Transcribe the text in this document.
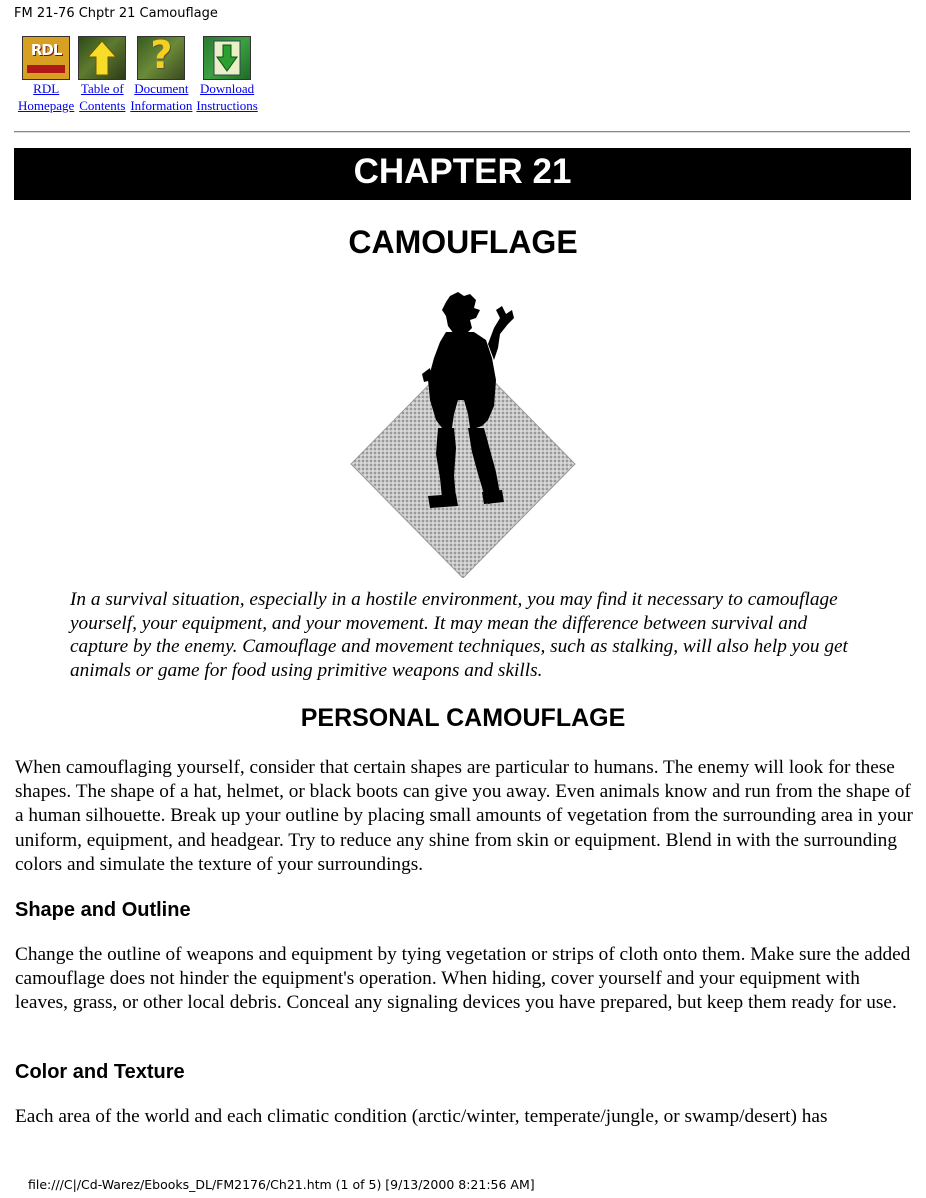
FM 21-76 Chptr 21 Camouflage
RDL
RDL
Homepage
Table of
Contents
?
Document
Information
Download
Instructions
CHAPTER 21
CAMOUFLAGE

In a survival situation, especially in a hostile environment, you may find it necessary to camouflage yourself, your equipment, and your movement. It may mean the difference between survival and capture by the enemy. Camouflage and movement techniques, such as stalking, will also help you get animals or game for food using primitive weapons and skills.

PERSONAL CAMOUFLAGE

When camouflaging yourself, consider that certain shapes are particular to humans. The enemy will look for these shapes. The shape of a hat, helmet, or black boots can give you away. Even animals know and run from the shape of a human silhouette. Break up your outline by placing small amounts of vegetation from the surrounding area in your uniform, equipment, and headgear. Try to reduce any shine from skin or equipment. Blend in with the surrounding colors and simulate the texture of your surroundings.

Shape and Outline

Change the outline of weapons and equipment by tying vegetation or strips of cloth onto them. Make sure the added camouflage does not hinder the equipment's operation. When hiding, cover yourself and your equipment with leaves, grass, or other local debris. Conceal any signaling devices you have prepared, but keep them ready for use.

Color and Texture

Each area of the world and each climatic condition (arctic/winter, temperate/jungle, or swamp/desert) has

file:///C|/Cd-Warez/Ebooks_DL/FM2176/Ch21.htm (1 of 5) [9/13/2000 8:21:56 AM]
